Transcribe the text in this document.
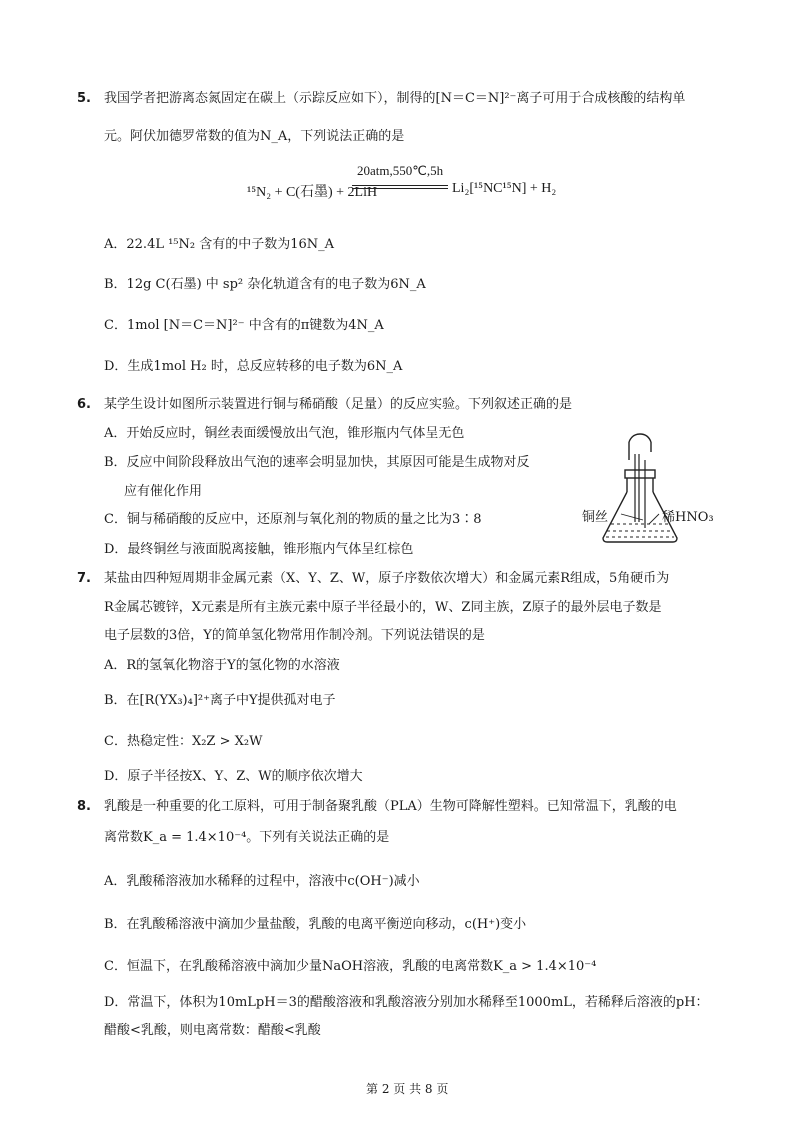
5. 我国学者把游离态氮固定在碳上（示踪反应如下），制得的[N＝C＝N]²⁻离子可用于合成核酸的结构单
元。阿伏加德罗常数的值为N_A，下列说法正确的是
¹⁵N₂ + C(石墨) + 2LiH
20atm,550℃,5h
Li₂[¹⁵NC¹⁵N] + H₂
A．22.4L ¹⁵N₂ 含有的中子数为16N_A
B．12g C(石墨) 中 sp² 杂化轨道含有的电子数为6N_A
C．1mol [N＝C＝N]²⁻ 中含有的π键数为4N_A
D．生成1mol H₂ 时，总反应转移的电子数为6N_A
6. 某学生设计如图所示装置进行铜与稀硝酸（足量）的反应实验。下列叙述正确的是
A．开始反应时，铜丝表面缓慢放出气泡，锥形瓶内气体呈无色
B．反应中间阶段释放出气泡的速率会明显加快，其原因可能是生成物对反
应有催化作用
C．铜与稀硝酸的反应中，还原剂与氧化剂的物质的量之比为3∶8
D．最终铜丝与液面脱离接触，锥形瓶内气体呈红棕色
铜丝	稀HNO₃
7. 某盐由四种短周期非金属元素（X、Y、Z、W，原子序数依次增大）和金属元素R组成，5角硬币为
R金属芯镀锌，X元素是所有主族元素中原子半径最小的，W、Z同主族，Z原子的最外层电子数是
电子层数的3倍，Y的简单氢化物常用作制冷剂。下列说法错误的是
A．R的氢氧化物溶于Y的氢化物的水溶液
B．在[R(YX₃)₄]²⁺离子中Y提供孤对电子
C．热稳定性：X₂Z > X₂W
D．原子半径按X、Y、Z、W的顺序依次增大
8. 乳酸是一种重要的化工原料，可用于制备聚乳酸（PLA）生物可降解性塑料。已知常温下，乳酸的电
离常数K_a = 1.4×10⁻⁴。下列有关说法正确的是
A．乳酸稀溶液加水稀释的过程中，溶液中c(OH⁻)减小
B．在乳酸稀溶液中滴加少量盐酸，乳酸的电离平衡逆向移动，c(H⁺)变小
C．恒温下，在乳酸稀溶液中滴加少量NaOH溶液，乳酸的电离常数K_a > 1.4×10⁻⁴
D．常温下，体积为10mLpH＝3的醋酸溶液和乳酸溶液分别加水稀释至1000mL，若稀释后溶液的pH：
醋酸<乳酸，则电离常数：醋酸<乳酸
第 2 页 共 8 页
